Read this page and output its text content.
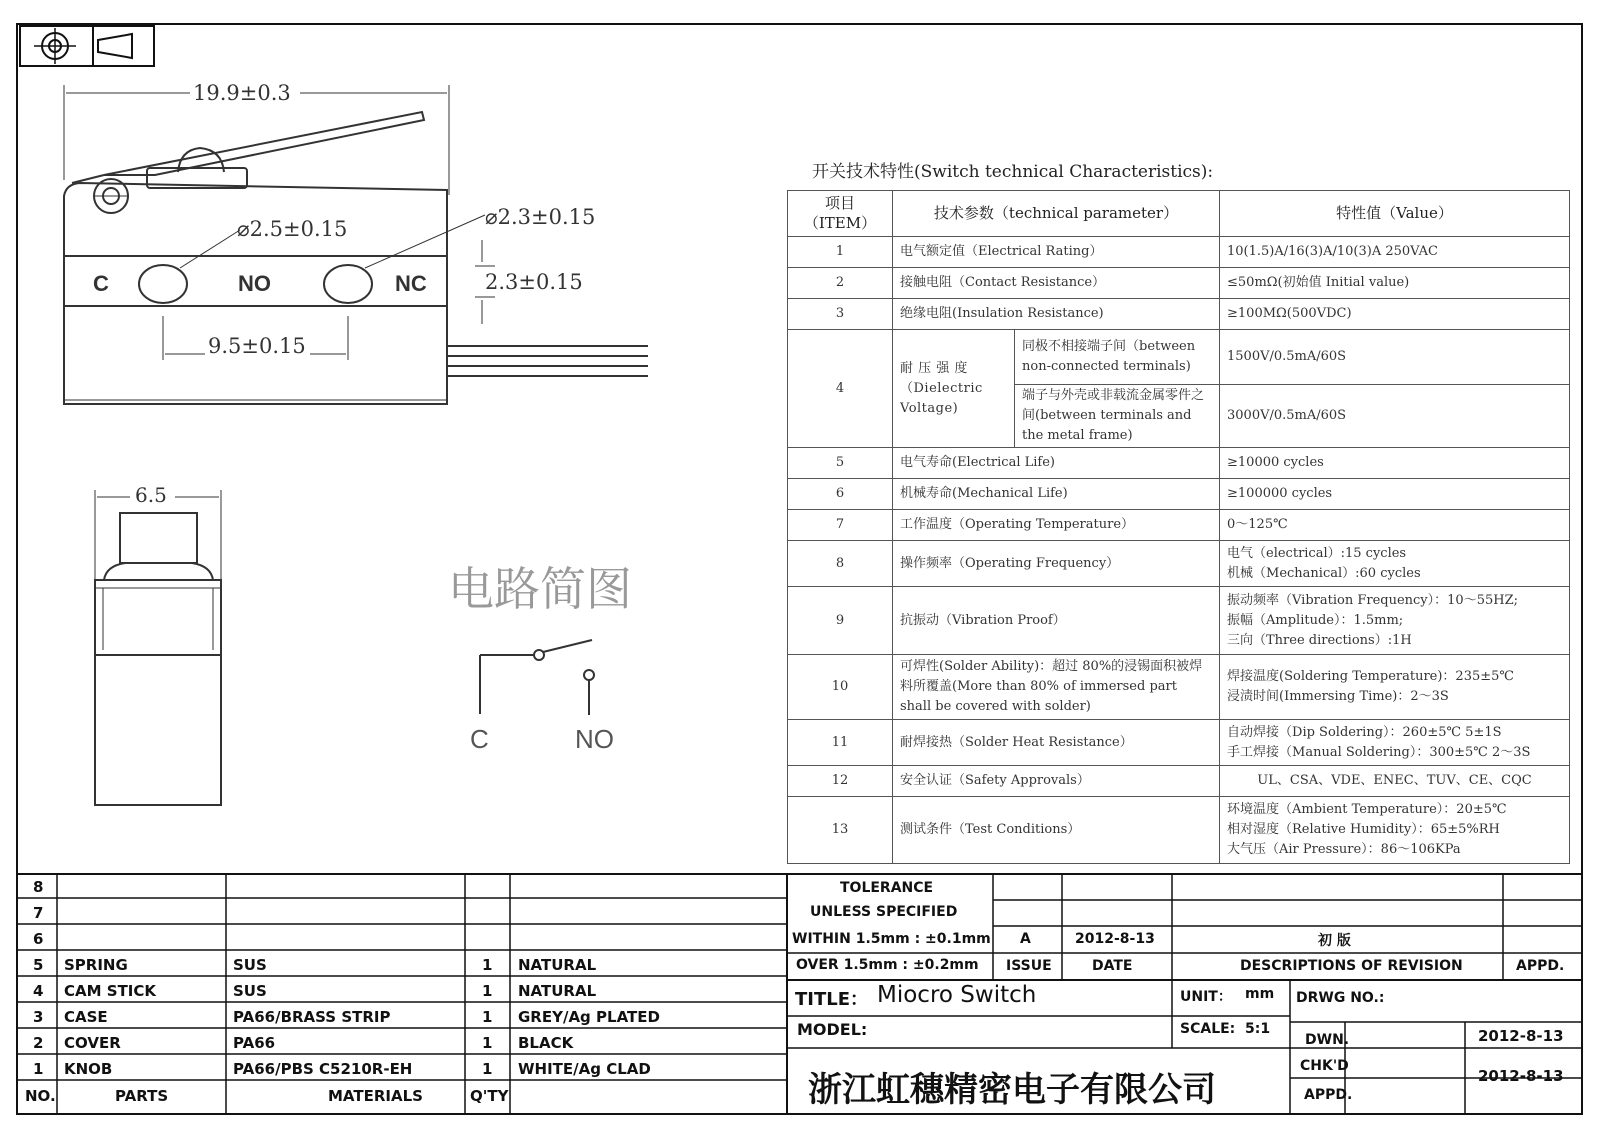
19.9±0.3
⌀2.5±0.15	⌀2.3±0.15
2.3±0.15
9.5±0.15
C	NO	NC
6.5
电路简图
C	NO
开关技术特性(Switch technical Characteristics):
项目（ITEM）	技术参数（technical parameter）		特性值（Value）
1	电气额定值（Electrical Rating）		10(1.5)A/16(3)A/10(3)A 250VAC
2	接触电阻（Contact Resistance）		≤50mΩ(初始值 Initial value)
3	绝缘电阻(Insulation Resistance)		≥100MΩ(500VDC)
4	耐 压 强 度（Dielectric Voltage)	同极不相接端子间（between non-connected terminals)	1500V/0.5mA/60S
		端子与外壳或非载流金属零件之间(between terminals and the metal frame)	3000V/0.5mA/60S
5	电气寿命(Electrical Life)		≥10000 cycles
6	机械寿命(Mechanical Life)		≥100000 cycles
7	工作温度（Operating Temperature）		0～125℃
8	操作频率（Operating Frequency）		电气（electrical）:15 cycles
机械（Mechanical）:60 cycles
9	抗振动（Vibration Proof）		振动频率（Vibration Frequency）：10～55HZ;
振幅（Amplitude）：1.5mm;
三向（Three directions）:1H
10	可焊性(Solder Ability)：超过 80%的浸锡面积被焊料所覆盖(More than 80% of immersed part shall be covered with solder)		焊接温度(Soldering Temperature)：235±5℃
浸渍时间(Immersing Time)：2～3S
11	耐焊接热（Solder Heat Resistance）		自动焊接（Dip Soldering）：260±5℃ 5±1S
手工焊接（Manual Soldering）：300±5℃ 2～3S
12	安全认证（Safety Approvals）		UL、CSA、VDE、ENEC、TUV、CE、CQC
13	测试条件（Test Conditions）		环境温度（Ambient Temperature）：20±5℃
相对湿度（Relative Humidity）：65±5%RH
大气压（Air Pressure）：86～106KPa
8
7
6
5 SPRING	SUS	1 NATURAL
4 CAM STICK	SUS	1 NATURAL
3 CASE	PA66/BRASS STRIP	1 GREY/Ag PLATED
2 COVER	PA66	1 BLACK
1 KNOB	PA66/PBS C5210R-EH	1 WHITE/Ag CLAD
NO.	PARTS	MATERIALS	Q'TY
TOLERANCE
UNLESS SPECIFIED
WITHIN 1.5mm : ±0.1mm
OVER 1.5mm : ±0.2mm
A	2012-8-13	初 版
ISSUE	DATE	DESCRIPTIONS OF REVISION	APPD.
TITLE： Miocro Switch	UNIT： mm DRWG NO.:
MODEL:	SCALE: 5:1
DWN.	2012-8-13
CHK'D
2012-8-13
APPD.
浙江虹穗精密电子有限公司
